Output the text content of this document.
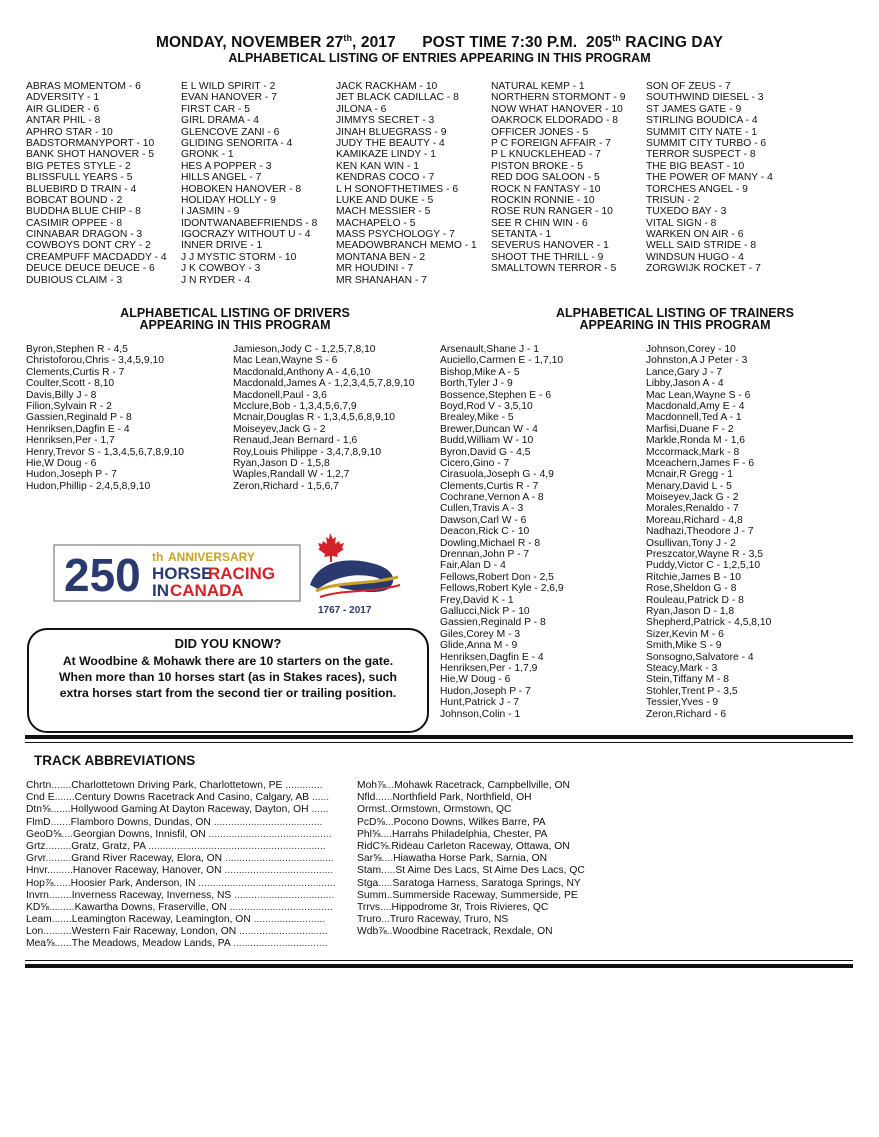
MONDAY, NOVEMBER 27th, 2017 POST TIME 7:30 P.M. 205th RACING DAY
ALPHABETICAL LISTING OF ENTRIES APPEARING IN THIS PROGRAM
ABRAS MOMENTOM - 6
ADVERSITY - 1
AIR GLIDER - 6
ANTAR PHIL - 8
APHRO STAR - 10
BADSTORMANYPORT - 10
BANK SHOT HANOVER - 5
BIG PETES STYLE - 2
BLISSFULL YEARS - 5
BLUEBIRD D TRAIN - 4
BOBCAT BOUND - 2
BUDDHA BLUE CHIP - 8
CASIMIR OPPEE - 8
CINNABAR DRAGON - 3
COWBOYS DONT CRY - 2
CREAMPUFF MACDADDY - 4
DEUCE DEUCE DEUCE - 6
DUBIOUS CLAIM - 3
E L WILD SPIRIT - 2
EVAN HANOVER - 7
FIRST CAR - 5
GIRL DRAMA - 4
GLENCOVE ZANI - 6
GLIDING SENORITA - 4
GRONK - 1
HES A POPPER - 3
HILLS ANGEL - 7
HOBOKEN HANOVER - 8
HOLIDAY HOLLY - 9
I JASMIN - 9
IDONTWANABEFRIENDS - 8
IGOCRAZY WITHOUT U - 4
INNER DRIVE - 1
J J MYSTIC STORM - 10
J K COWBOY - 3
J N RYDER - 4
JACK RACKHAM - 10
JET BLACK CADILLAC - 8
JILONA - 6
JIMMYS SECRET - 3
JINAH BLUEGRASS - 9
JUDY THE BEAUTY - 4
KAMIKAZE LINDY - 1
KEN KAN WIN - 1
KENDRAS COCO - 7
L H SONOFTHETIMES - 6
LUKE AND DUKE - 5
MACH MESSIER - 5
MACHAPELO - 5
MASS PSYCHOLOGY - 7
MEADOWBRANCH MEMO - 1
MONTANA BEN - 2
MR HOUDINI - 7
MR SHANAHAN - 7
NATURAL KEMP - 1
NORTHERN STORMONT - 9
NOW WHAT HANOVER - 10
OAKROCK ELDORADO - 8
OFFICER JONES - 5
P C FOREIGN AFFAIR - 7
P L KNUCKLEHEAD - 7
PISTON BROKE - 5
RED DOG SALOON - 5
ROCK N FANTASY - 10
ROCKIN RONNIE - 10
ROSE RUN RANGER - 10
SEE R CHIN WIN - 6
SETANTA - 1
SEVERUS HANOVER - 1
SHOOT THE THRILL - 9
SMALLTOWN TERROR - 5
SON OF ZEUS - 7
SOUTHWIND DIESEL - 3
ST JAMES GATE - 9
STIRLING BOUDICA - 4
SUMMIT CITY NATE - 1
SUMMIT CITY TURBO - 6
TERROR SUSPECT - 8
THE BIG BEAST - 10
THE POWER OF MANY - 4
TORCHES ANGEL - 9
TRISUN - 2
TUXEDO BAY - 3
VITAL SIGN - 8
WARKEN ON AIR - 6
WELL SAID STRIDE - 8
WINDSUN HUGO - 4
ZORGWIJK ROCKET - 7
ALPHABETICAL LISTING OF DRIVERS
APPEARING IN THIS PROGRAM
Byron,Stephen R - 4,5
Christoforou,Chris - 3,4,5,9,10
Clements,Curtis R - 7
Coulter,Scott - 8,10
Davis,Billy J - 8
Filion,Sylvain R - 2
Gassien,Reginald P - 8
Henriksen,Dagfin E - 4
Henriksen,Per - 1,7
Henry,Trevor S - 1,3,4,5,6,7,8,9,10
Hie,W Doug - 6
Hudon,Joseph P - 7
Hudon,Phillip - 2,4,5,8,9,10
Jamieson,Jody C - 1,2,5,7,8,10
Mac Lean,Wayne S - 6
Macdonald,Anthony A - 4,6,10
Macdonald,James A - 1,2,3,4,5,7,8,9,10
Macdonell,Paul - 3,6
Mcclure,Bob - 1,3,4,5,6,7,9
Mcnair,Douglas R - 1,3,4,5,6,8,9,10
Moiseyev,Jack G - 2
Renaud,Jean Bernard - 1,6
Roy,Louis Philippe - 3,4,7,8,9,10
Ryan,Jason D - 1,5,8
Waples,Randall W - 1,2,7
Zeron,Richard - 1,5,6,7
ALPHABETICAL LISTING OF TRAINERS
APPEARING IN THIS PROGRAM
Arsenault,Shane J - 1
Auciello,Carmen E - 1,7,10
Bishop,Mike A - 5
Borth,Tyler J - 9
Bossence,Stephen E - 6
Boyd,Rod V - 3,5,10
Brealey,Mike - 5
Brewer,Duncan W - 4
Budd,William W - 10
Byron,David G - 4,5
Cicero,Gino - 7
Cirasuola,Joseph G - 4,9
Clements,Curtis R - 7
Cochrane,Vernon A - 8
Cullen,Travis A - 3
Dawson,Carl W - 6
Deacon,Rick C - 10
Dowling,Michael R - 8
Drennan,John P - 7
Fair,Alan D - 4
Fellows,Robert Don - 2,5
Fellows,Robert Kyle - 2,6,9
Frey,David K - 1
Gallucci,Nick P - 10
Gassien,Reginald P - 8
Giles,Corey M - 3
Glide,Anna M - 9
Henriksen,Dagfin E - 4
Henriksen,Per - 1,7,9
Hie,W Doug - 6
Hudon,Joseph P - 7
Hunt,Patrick J - 7
Johnson,Colin - 1
Johnson,Corey - 10
Johnston,A J Peter - 3
Lance,Gary J - 7
Libby,Jason A - 4
Mac Lean,Wayne S - 6
Macdonald,Amy E - 4
Macdonnell,Ted A - 1
Marfisi,Duane F - 2
Markle,Ronda M - 1,6
Mccormack,Mark - 8
Mceachern,James F - 6
Mcnair,R Gregg - 1
Menary,David L - 5
Moiseyev,Jack G - 2
Morales,Renaldo - 7
Moreau,Richard - 4,8
Nadhazi,Theodore J - 7
Osullivan,Tony J - 2
Preszcator,Wayne R - 3,5
Puddy,Victor C - 1,2,5,10
Ritchie,James B - 10
Rose,Sheldon G - 8
Rouleau,Patrick D - 8
Ryan,Jason D - 1,8
Shepherd,Patrick - 4,5,8,10
Sizer,Kevin M - 6
Smith,Mike S - 9
Sonsogno,Salvatore - 4
Steacy,Mark - 3
Stein,Tiffany M - 8
Stohler,Trent P - 3,5
Tessier,Yves - 9
Zeron,Richard - 6
250 th ANNIVERSARY
HORSE
RACING
IN CANADA
1767 - 2017
DID YOU KNOW?
At Woodbine & Mohawk there are 10 starters on the gate.
When more than 10 horses start (as in Stakes races), such
extra horses start from the second tier or trailing position.
TRACK ABBREVIATIONS
Chrtn.......Charlottetown Driving Park, Charlottetown, PE .............
Cnd E.......Century Downs Racetrack And Casino, Calgary, AB ......
Dtn⅝.......Hollywood Gaming At Dayton Raceway, Dayton, OH ......
FlmD.......Flamboro Downs, Dundas, ON ......................................
GeoD⅝....Georgian Downs, Innisfil, ON ...........................................
Grtz.........Gratz, Gratz, PA ..............................................................
Grvr.........Grand River Raceway, Elora, ON ......................................
Hnvr.........Hanover Raceway, Hanover, ON ......................................
Hop⅞......Hoosier Park, Anderson, IN ................................................
Invrn........Inverness Raceway, Inverness, NS ...................................
KD⅝.........Kawartha Downs, Fraserville, ON ....................................
Leam.......Leamington Raceway, Leamington, ON .........................
Lon..........Western Fair Raceway, London, ON ...............................
Mea⅝......The Meadows, Meadow Lands, PA .................................
Moh⅞...Mohawk Racetrack, Campbellville, ON
Nfld......Northfield Park, Northfield, OH
Ormst..Ormstown, Ormstown, QC
PcD⅝...Pocono Downs, Wilkes Barre, PA
Phl⅝....Harrahs Philadelphia, Chester, PA
RidC⅝.Rideau Carleton Raceway, Ottawa, ON
Sar⅝....Hiawatha Horse Park, Sarnia, ON
Stam.....St Aime Des Lacs, St Aime Des Lacs, QC
Stga.....Saratoga Harness, Saratoga Springs, NY
Summ..Summerside Raceway, Summerside, PE
Trrvs....Hippodrome 3r, Trois Rivieres, QC
Truro...Truro Raceway, Truro, NS
Wdb⅞..Woodbine Racetrack, Rexdale, ON
